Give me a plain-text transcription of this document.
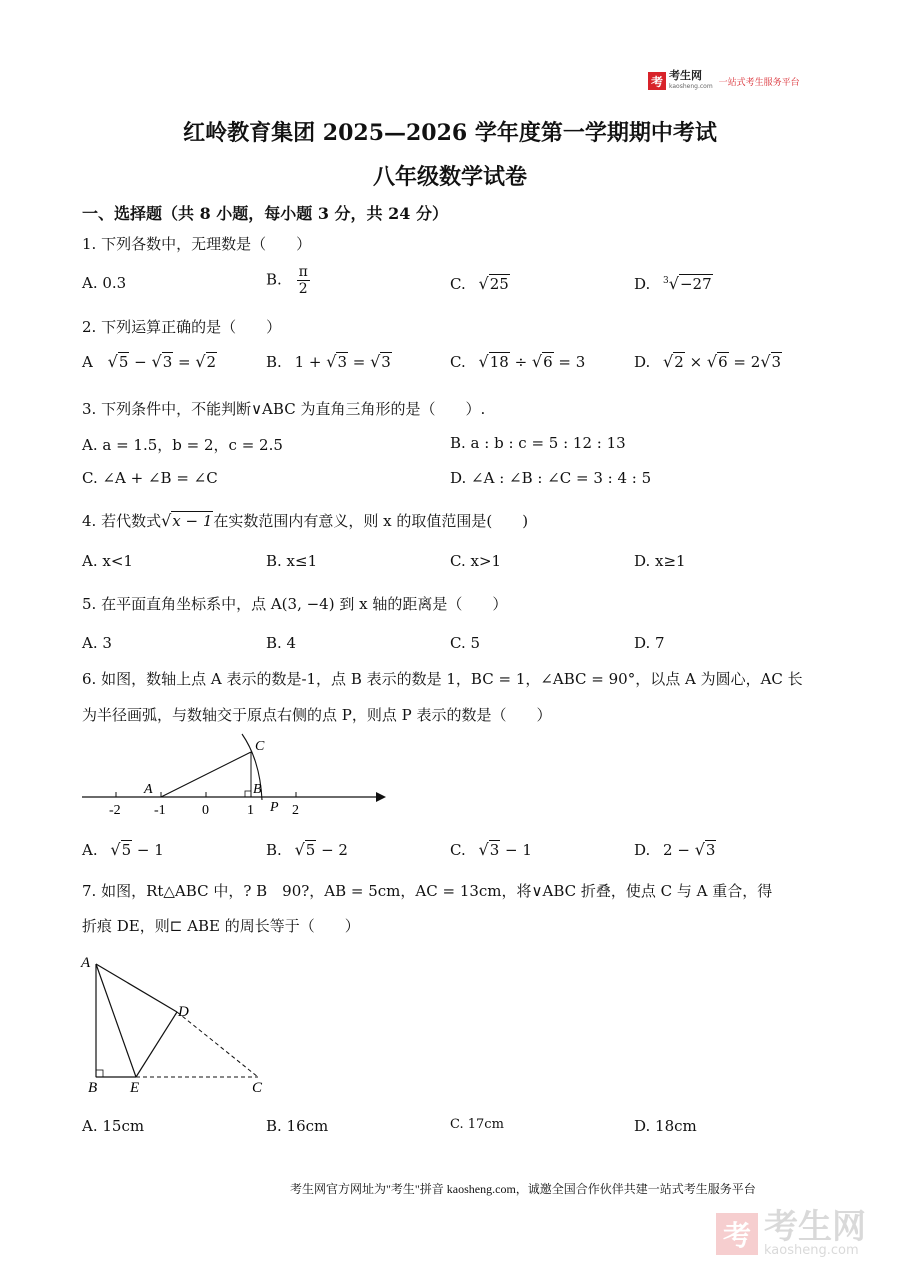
考 考生网
kaosheng.com 一站式考生服务平台
红岭教育集团 2025—2026 学年度第一学期期中考试
八年级数学试卷
一、选择题（共 8 小题，每小题 3 分，共 24 分）
1. 下列各数中，无理数是（　　）
A. 0.3	B. $\frac{\pi}{2}$	C. √25	D. $^3$√−27
2. 下列运算正确的是（　　）
A √5 − √3 = √2	B. 1 + √3 = √3	C. √18 ÷ √6 = 3	D. √2 × √6 = 2√3
3. 下列条件中，不能判断∨ABC 为直角三角形的是（　　）.
A. a = 1.5，b = 2，c = 2.5	B. a : b : c = 5 : 12 : 13
C. ∠A + ∠B = ∠C	D. ∠A : ∠B : ∠C = 3 : 4 : 5
4. 若代数式√x − 1在实数范围内有意义，则 x 的取值范围是(　　)
A. x<1	B. x≤1	C. x>1	D. x≥1
5. 在平面直角坐标系中，点 A(3, −4) 到 x 轴的距离是（　　）
A. 3	B. 4	C. 5	D. 7
6. 如图，数轴上点 A 表示的数是-1，点 B 表示的数是 1，BC = 1，∠ABC = 90°，以点 A 为圆心，AC 长
为半径画弧，与数轴交于原点右侧的点 P，则点 P 表示的数是（　　）
-2 -1	0	1	2
A	B
C
P
A. √5 − 1	B. √5 − 2	C. √3 − 1	D. 2 − √3
7. 如图，Rt△ABC 中，? B　90?，AB = 5cm，AC = 13cm，将∨ABC 折叠，使点 C 与 A 重合，得
折痕 DE，则⊏ ABE 的周长等于（　　）
A
B E	C
D
A. 15cm	B. 16cm	C. 17cm	D. 18cm
考生网官方网址为"考生"拼音 kaosheng.com，诚邀全国合作伙伴共建一站式考生服务平台
考 考生网
kaosheng.com
